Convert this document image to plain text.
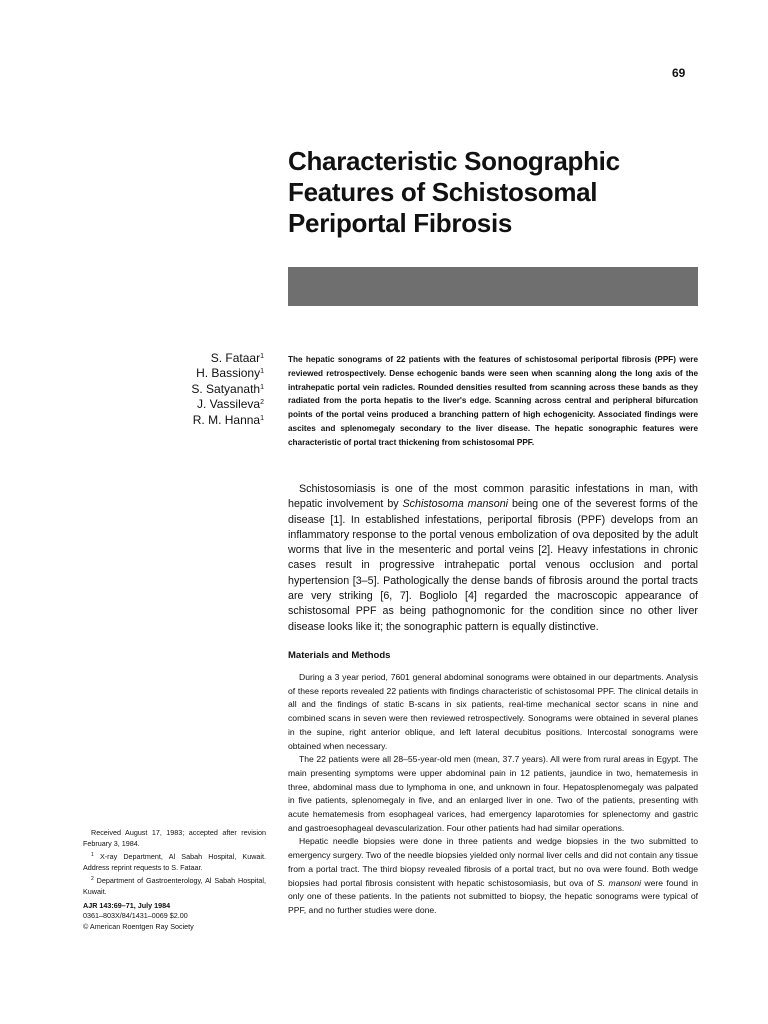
69
Characteristic Sonographic
Features of Schistosomal
Periportal Fibrosis
S. Fataar$^1$
H. Bassiony$^1$
S. Satyanath$^1$
J. Vassileva$^2$
R. M. Hanna$^1$

The hepatic sonograms of 22 patients with the features of schistosomal periportal fibrosis (PPF) were reviewed retrospectively. Dense echogenic bands were seen when scanning along the long axis of the intrahepatic portal vein radicles. Rounded densities resulted from scanning across these bands as they radiated from the porta hepatis to the liver's edge. Scanning across central and peripheral bifurcation points of the portal veins produced a branching pattern of high echogenicity. Associated findings were ascites and splenomegaly secondary to the liver disease. The hepatic sonographic features were characteristic of portal tract thickening from schistosomal PPF.

Schistosomiasis is one of the most common parasitic infestations in man, with hepatic involvement by Schistosoma mansoni being one of the severest forms of the disease [1]. In established infestations, periportal fibrosis (PPF) develops from an inflammatory response to the portal venous embolization of ova deposited by the adult worms that live in the mesenteric and portal veins [2]. Heavy infestations in chronic cases result in progressive intrahepatic portal venous occlusion and portal hypertension [3–5]. Pathologically the dense bands of fibrosis around the portal tracts are very striking [6, 7]. Bogliolo [4] regarded the macroscopic appearance of schistosomal PPF as being pathognomonic for the condition since no other liver disease looks like it; the sonographic pattern is equally distinctive.

Materials and Methods

During a 3 year period, 7601 general abdominal sonograms were obtained in our departments. Analysis of these reports revealed 22 patients with findings characteristic of schistosomal PPF. The clinical details in all and the findings of static B-scans in six patients, real-time mechanical sector scans in nine and combined scans in seven were then reviewed retrospectively. Sonograms were obtained in several planes in the supine, right anterior oblique, and left lateral decubitus positions. Intercostal sonograms were obtained when necessary.

The 22 patients were all 28–55-year-old men (mean, 37.7 years). All were from rural areas in Egypt. The main presenting symptoms were upper abdominal pain in 12 patients, jaundice in two, hematemesis in three, abdominal mass due to lymphoma in one, and unknown in four. Hepatosplenomegaly was palpated in five patients, splenomegaly in five, and an enlarged liver in one. Two of the patients, presenting with acute hematemesis from esophageal varices, had emergency laparotomies for splenectomy and gastric and gastroesophageal devascularization. Four other patients had had similar operations.

Hepatic needle biopsies were done in three patients and wedge biopsies in the two submitted to emergency surgery. Two of the needle biopsies yielded only normal liver cells and did not contain any tissue from a portal tract. The third biopsy revealed fibrosis of a portal tract, but no ova were found. Both wedge biopsies had portal fibrosis consistent with hepatic schistosomiasis, but ova of S. mansoni were found in only one of these patients. In the patients not submitted to biopsy, the hepatic sonograms were typical of PPF, and no further studies were done.

Received August 17, 1983; accepted after revision February 3, 1984.

$^1$ X-ray Department, Al Sabah Hospital, Kuwait. Address reprint requests to S. Fataar.

$^2$ Department of Gastroenterology, Al Sabah Hospital, Kuwait.

AJR 143:69–71, July 1984
0361–803X/84/1431–0069 $2.00
© American Roentgen Ray Society
